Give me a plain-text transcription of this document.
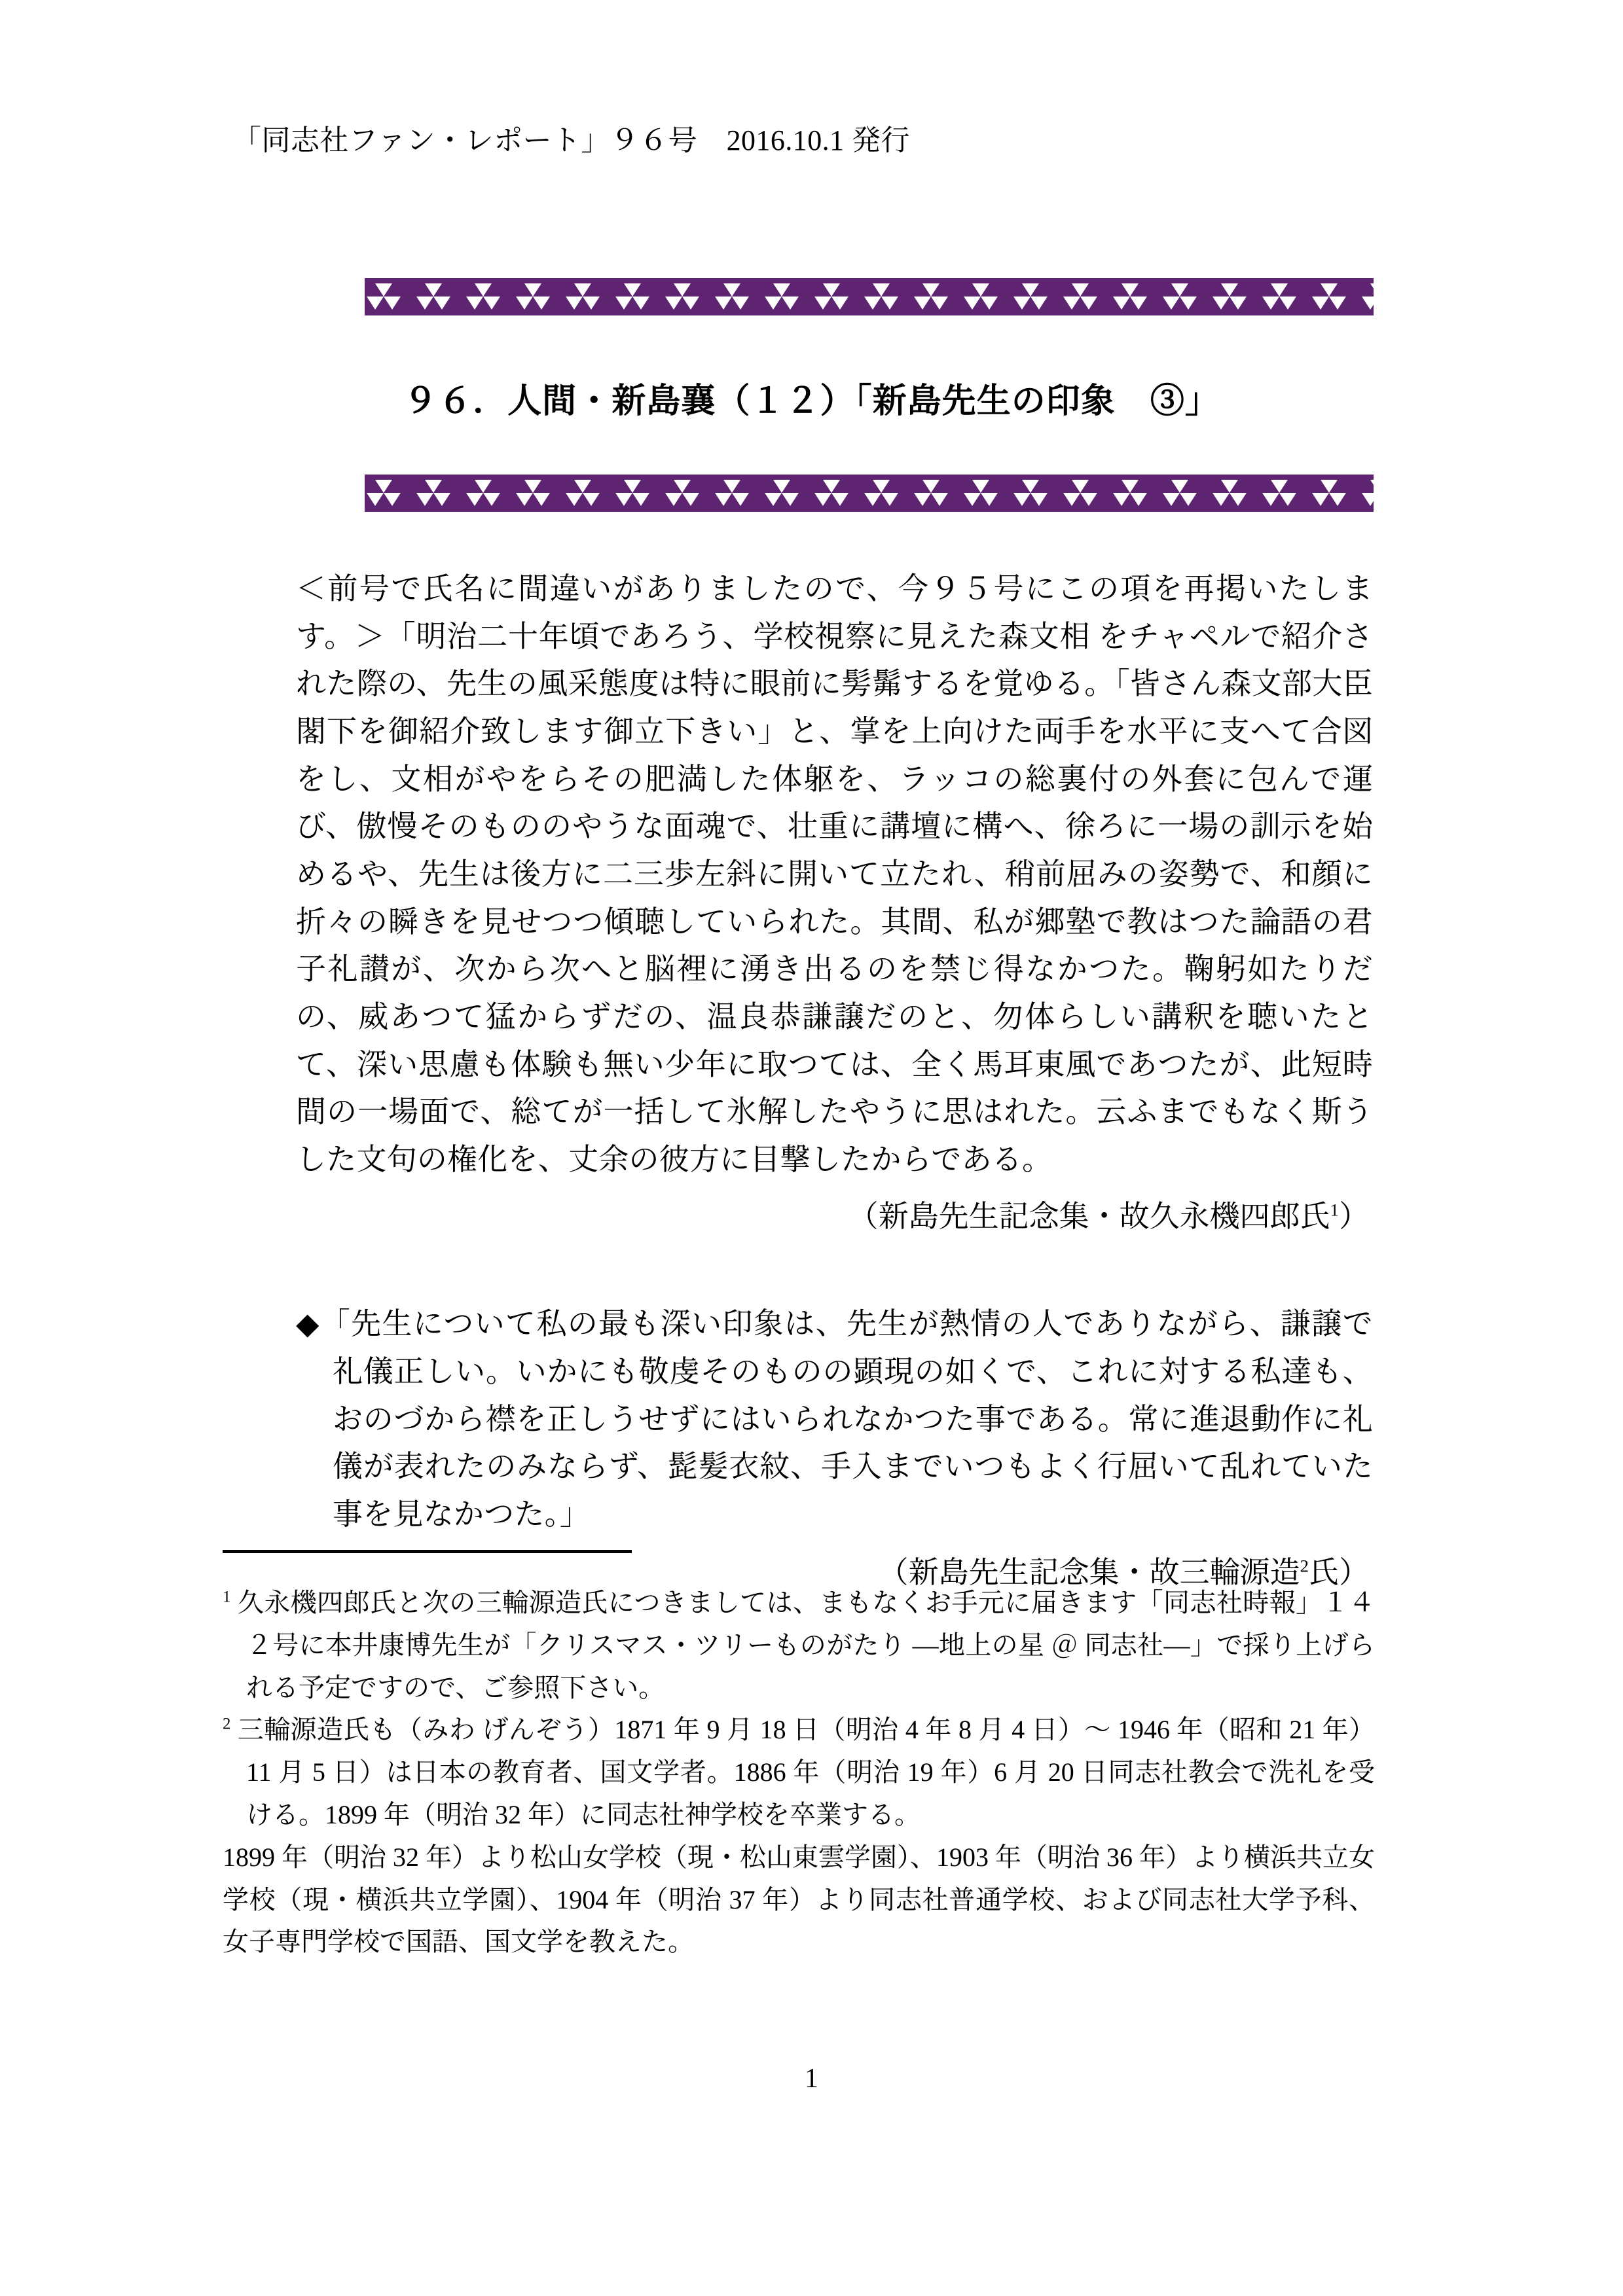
「同志社ファン・レポート」９６号　2016.10.1 発行
９６．人間・新島襄（１２）「新島先生の印象　③」

＜前号で氏名に間違いがありましたので、今９５号にこの項を再掲いたします。＞「明治二十年頃であろう、学校視察に見えた森文相 をチャペルで紹介された際の、先生の風采態度は特に眼前に髣髴するを覚ゆる。「皆さん森文部大臣閣下を御紹介致します御立下きい」と、掌を上向けた両手を水平に支へて合図をし、文相がやをらその肥満した体躯を、ラッコの総裏付の外套に包んで運び、傲慢そのもののやうな面魂で、壮重に講壇に構へ、徐ろに一場の訓示を始めるや、先生は後方に二三歩左斜に開いて立たれ、稍前屈みの姿勢で、和顔に折々の瞬きを見せつつ傾聴していられた。其間、私が郷塾で教はつた論語の君子礼讃が、次から次へと脳裡に湧き出るのを禁じ得なかつた。鞠躬如たりだの、威あつて猛からずだの、温良恭謙譲だのと、勿体らしい講釈を聴いたとて、深い思慮も体験も無い少年に取つては、全く馬耳東風であつたが、此短時間の一場面で、総てが一括して氷解したやうに思はれた。云ふまでもなく斯うした文句の権化を、丈余の彼方に目撃したからである。

（新島先生記念集・故久永機四郎氏$^1$）

◆「先生について私の最も深い印象は、先生が熱情の人でありながら、謙譲で礼儀正しい。いかにも敬虔そのものの顕現の如くで、これに対する私達も、おのづから襟を正しうせずにはいられなかつた事である。常に進退動作に礼儀が表れたのみならず、髭髪衣紋、手入までいつもよく行屈いて乱れていた事を見なかつた。」

（新島先生記念集・故三輪源造$^2$氏）

$^1$ 久永機四郎氏と次の三輪源造氏につきましては、まもなくお手元に届きます「同志社時報」１４２号に本井康博先生が「クリスマス・ツリーものがたり ―地上の星 ＠ 同志社―」で採り上げられる予定ですので、ご参照下さい。

$^2$ 三輪源造氏も（みわ げんぞう）1871 年 9 月 18 日（明治 4 年 8 月 4 日）～ 1946 年（昭和 21 年）11 月 5 日）は日本の教育者、国文学者。1886 年（明治 19 年）6 月 20 日同志社教会で洗礼を受ける。1899 年（明治 32 年）に同志社神学校を卒業する。

1899 年（明治 32 年）より松山女学校（現・松山東雲学園）、1903 年（明治 36 年）より横浜共立女学校（現・横浜共立学園）、1904 年（明治 37 年）より同志社普通学校、および同志社大学予科、女子専門学校で国語、国文学を教えた。

1
